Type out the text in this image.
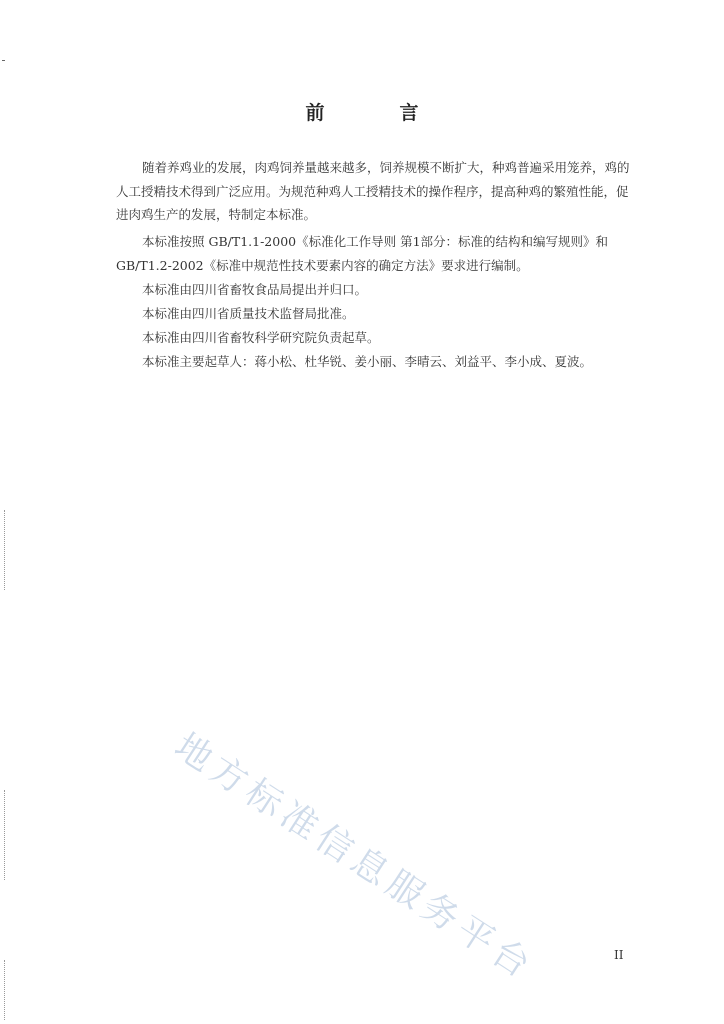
前　言
随着养鸡业的发展，肉鸡饲养量越来越多，饲养规模不断扩大，种鸡普遍采用笼养，鸡的人工授精技术得到广泛应用。为规范种鸡人工授精技术的操作程序，提高种鸡的繁殖性能，促进肉鸡生产的发展，特制定本标准。
本标准按照 GB/T1.1-2000《标准化工作导则 第1部分：标准的结构和编写规则》和 GB/T1.2-2002《标准中规范性技术要素内容的确定方法》要求进行编制。
本标准由四川省畜牧食品局提出并归口。
本标准由四川省质量技术监督局批准。
本标准由四川省畜牧科学研究院负责起草。
本标准主要起草人：蒋小松、杜华锐、姜小丽、李晴云、刘益平、李小成、夏波。
地方标准信息服务平台	II
